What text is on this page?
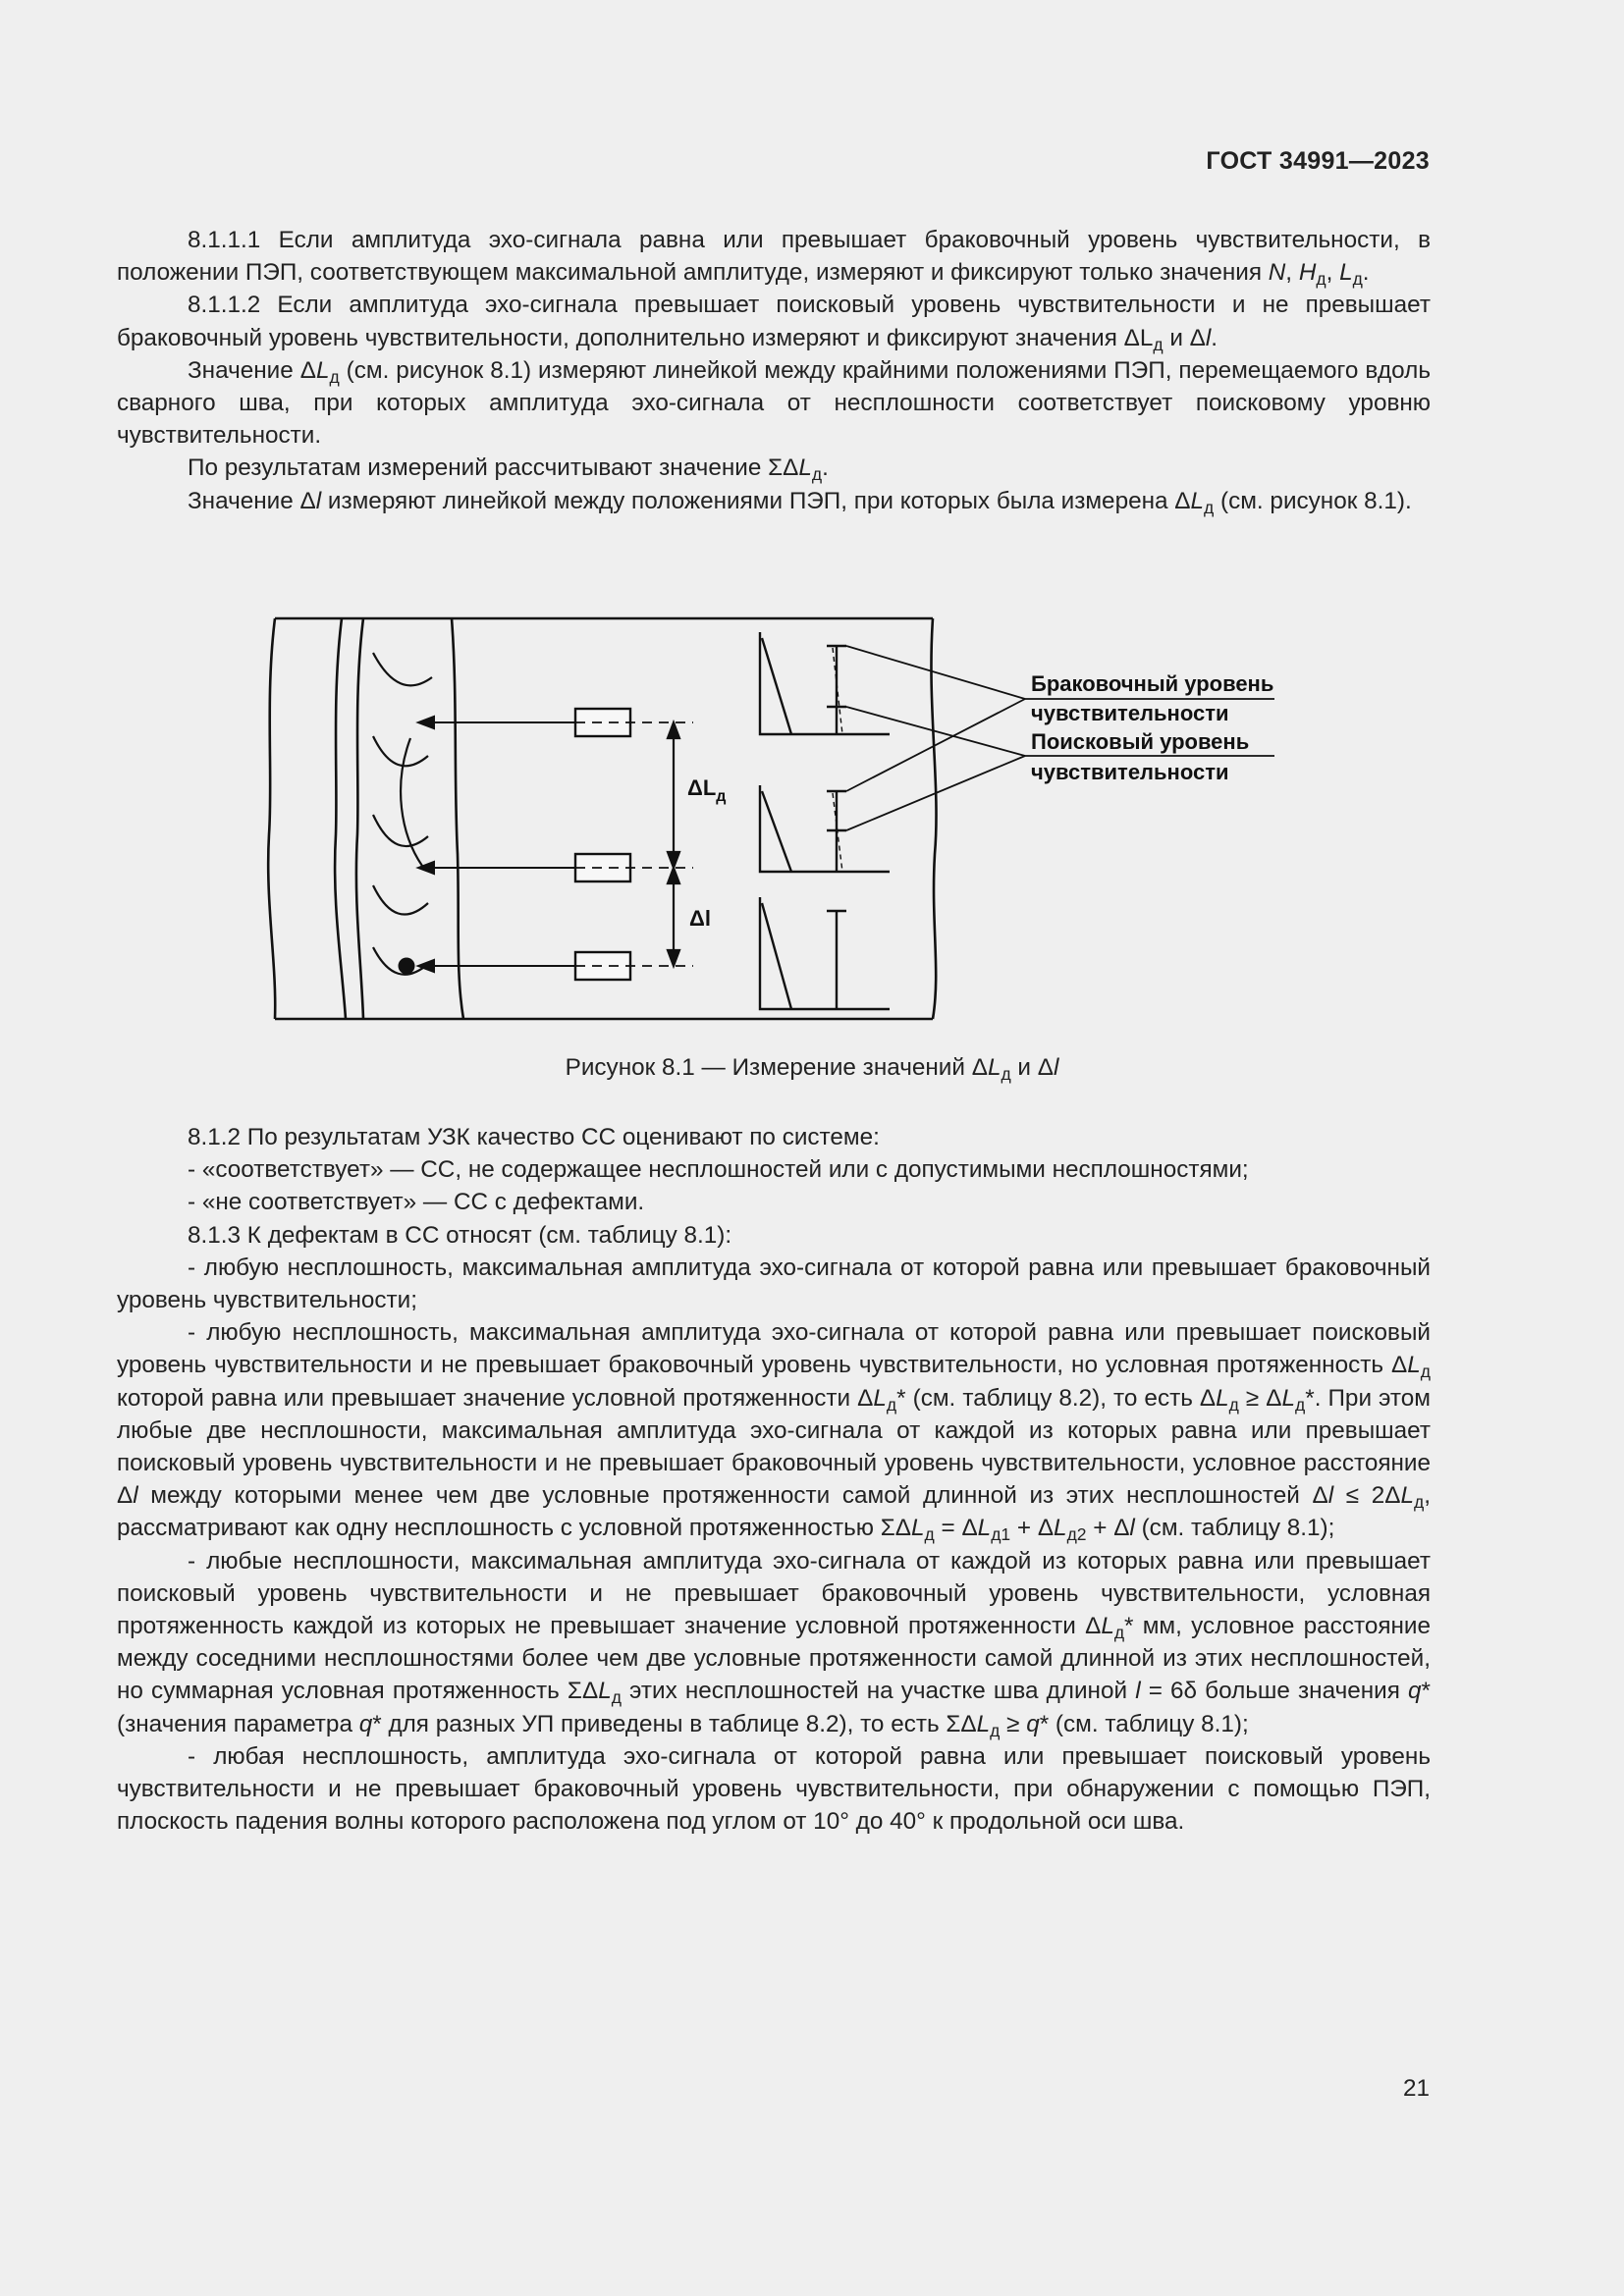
ГОСТ 34991—2023

8.1.1.1 Если амплитуда эхо-сигнала равна или превышает браковочный уровень чувствительности, в положении ПЭП, соответствующем максимальной амплитуде, измеряют и фиксируют только значения N, $H_д$, $L_д$.

8.1.1.2 Если амплитуда эхо-сигнала превышает поисковый уровень чувствительности и не превышает браковочный уровень чувствительности, дополнительно измеряют и фиксируют значения $\Delta L_д$ и Δl.

Значение $\Delta L_д$ (см. рисунок 8.1) измеряют линейкой между крайними положениями ПЭП, перемещаемого вдоль сварного шва, при которых амплитуда эхо-сигнала от несплошности соответствует поисковому уровню чувствительности.

По результатам измерений рассчитывают значение $\Sigma\Delta L_д$.

Значение Δl измеряют линейкой между положениями ПЭП, при которых была измерена $\Delta L_д$ (см. рисунок 8.1).

$\Delta L_д$
Δl
Браковочный уровень
чувствительности
Поисковый уровень
чувствительности
Рисунок 8.1 — Измерение значений $\Delta L_д$ и Δl

8.1.2 По результатам УЗК качество СС оценивают по системе:

- «соответствует» — СС, не содержащее несплошностей или с допустимыми несплошностями;

- «не соответствует» — СС с дефектами.

8.1.3 К дефектам в СС относят (см. таблицу 8.1):

- любую несплошность, максимальная амплитуда эхо-сигнала от которой равна или превышает браковочный уровень чувствительности;

- любую несплошность, максимальная амплитуда эхо-сигнала от которой равна или превышает поисковый уровень чувствительности и не превышает браковочный уровень чувствительности, но условная протяженность $\Delta L_д$ которой равна или превышает значение условной протяженности $\Delta L_д*$ (см. таблицу 8.2), то есть $\Delta L_д \ge \Delta L_д*$. При этом любые две несплошности, максимальная амплитуда эхо-сигнала от каждой из которых равна или превышает поисковый уровень чувствительности и не превышает браковочный уровень чувствительности, условное расстояние Δl между которыми менее чем две условные протяженности самой длинной из этих несплошностей $\Delta l \le 2\Delta L_д$, рассматривают как одну несплошность с условной протяженностью $\Sigma\Delta L_д = \Delta L_{д1} + \Delta L_{д2} + \Delta l$ (см. таблицу 8.1);

- любые несплошности, максимальная амплитуда эхо-сигнала от каждой из которых равна или превышает поисковый уровень чувствительности и не превышает браковочный уровень чувствительности, условная протяженность каждой из которых не превышает значение условной протяженности $\Delta L_д*$ мм, условное расстояние между соседними несплошностями более чем две условные протяженности самой длинной из этих несплошностей, но суммарная условная протяженность $\Sigma\Delta L_д$ этих несплошностей на участке шва длиной l = 6δ больше значения q* (значения параметра q* для разных УП приведены в таблице 8.2), то есть $\Sigma\Delta L_д \ge q*$ (см. таблицу 8.1);

- любая несплошность, амплитуда эхо-сигнала от которой равна или превышает поисковый уровень чувствительности и не превышает браковочный уровень чувствительности, при обнаружении с помощью ПЭП, плоскость падения волны которого расположена под углом от 10° до 40° к продольной оси шва.

21
